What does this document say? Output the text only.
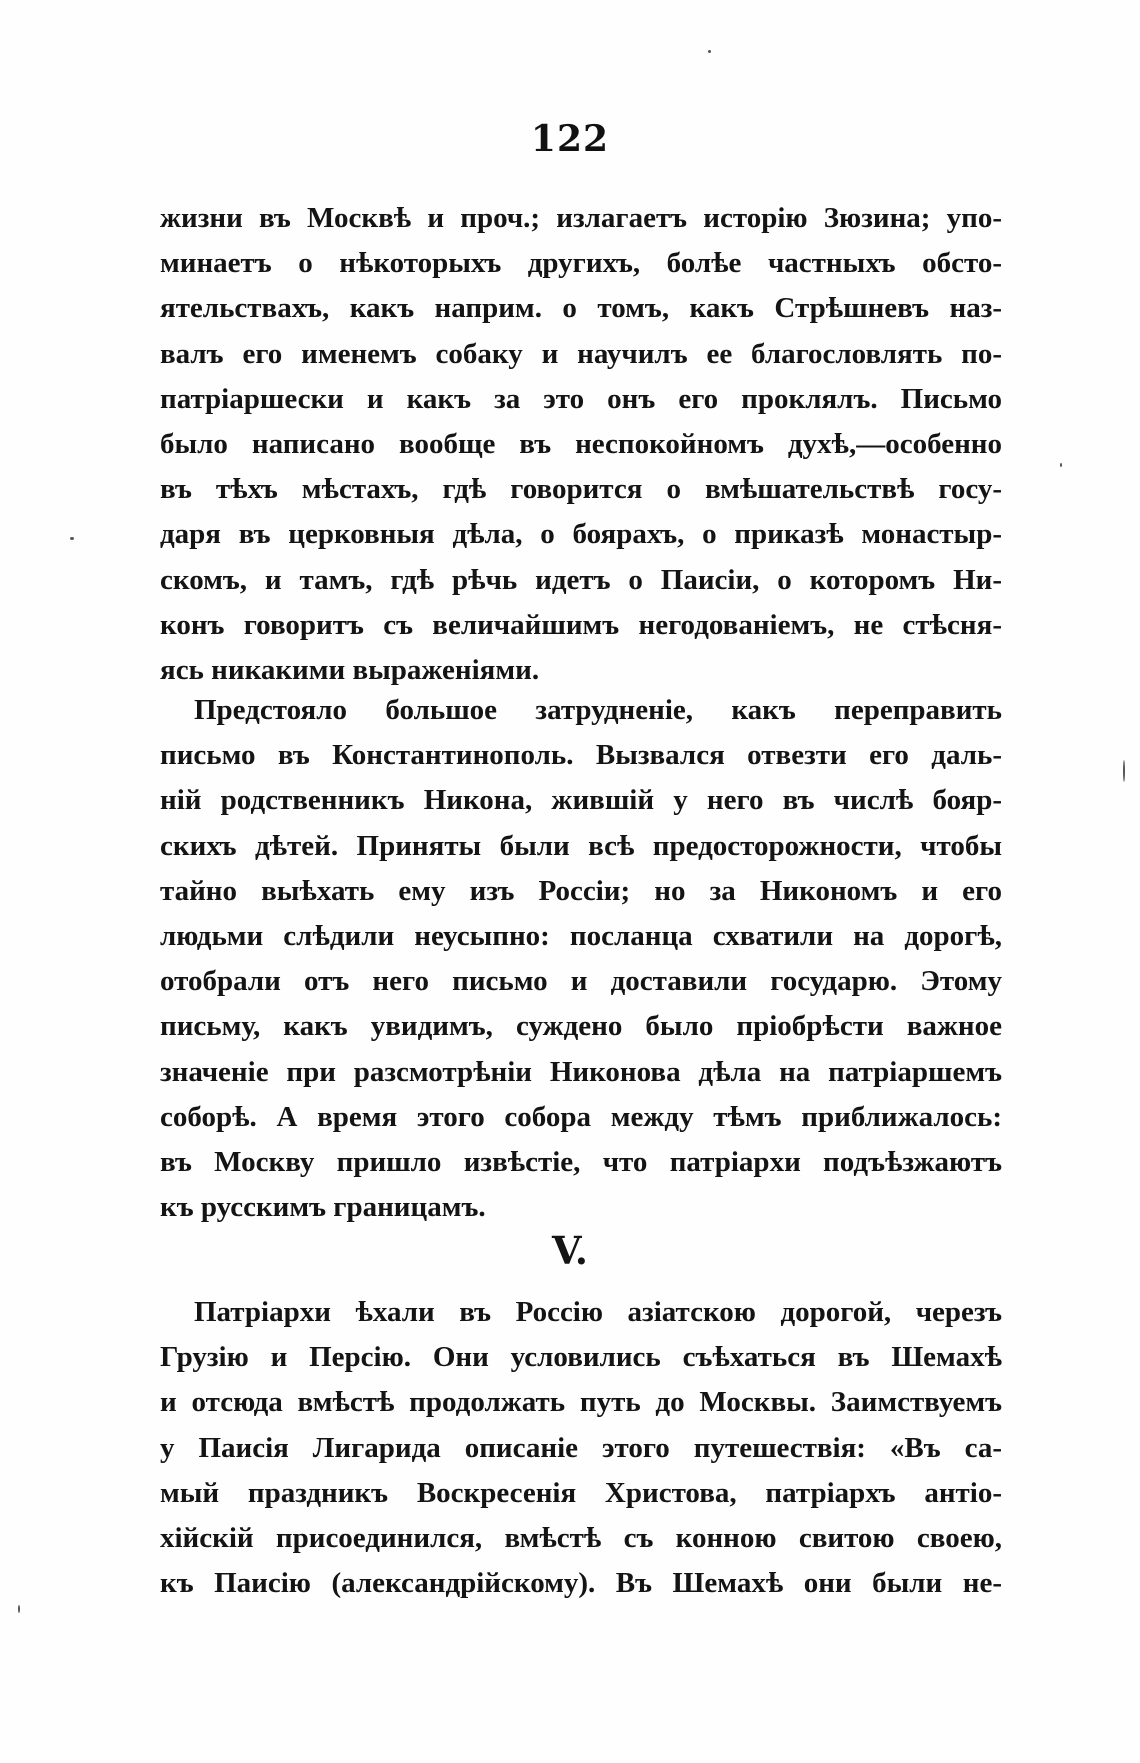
122
жизни въ Москвѣ и проч.; излагаетъ исторію Зюзина; упо-
минаетъ о нѣкоторыхъ другихъ, болѣе частныхъ обсто-
ятельствахъ, какъ наприм. о томъ, какъ Стрѣшневъ наз-
валъ его именемъ собаку и научилъ ее благословлять по-
патріаршески и какъ за это онъ его проклялъ. Письмо
было написано вообще въ неспокойномъ духѣ,—особенно
въ тѣхъ мѣстахъ, гдѣ говорится о вмѣшательствѣ госу-
даря въ церковныя дѣла, о боярахъ, о приказѣ монастыр-
скомъ, и тамъ, гдѣ рѣчь идетъ о Паисіи, о которомъ Ни-
конъ говоритъ съ величайшимъ негодованіемъ, не стѣсня-
ясь никакими выраженіями.
Предстояло большое затрудненіе, какъ переправить
письмо въ Константинополь. Вызвался отвезти его даль-
ній родственникъ Никона, жившій у него въ числѣ бояр-
скихъ дѣтей. Приняты были всѣ предосторожности, чтобы
тайно выѣхать ему изъ Россіи; но за Никономъ и его
людьми слѣдили неусыпно: посланца схватили на дорогѣ,
отобрали отъ него письмо и доставили государю. Этому
письму, какъ увидимъ, суждено было пріобрѣсти важное
значеніе при разсмотрѣніи Никонова дѣла на патріаршемъ
соборѣ. А время этого собора между тѣмъ приближалось:
въ Москву пришло извѣстіе, что патріархи подъѣзжаютъ
къ русскимъ границамъ.
V.
Патріархи ѣхали въ Россію азіатскою дорогой, черезъ
Грузію и Персію. Они условились съѣхаться въ Шемахѣ
и отсюда вмѣстѣ продолжать путь до Москвы. Заимствуемъ
у Паисія Лигарида описаніе этого путешествія: «Въ са-
мый праздникъ Воскресенія Христова, патріархъ антіо-
хійскій присоединился, вмѣстѣ съ конною свитою своею,
къ Паисію (александрійскому). Въ Шемахѣ они были не-
